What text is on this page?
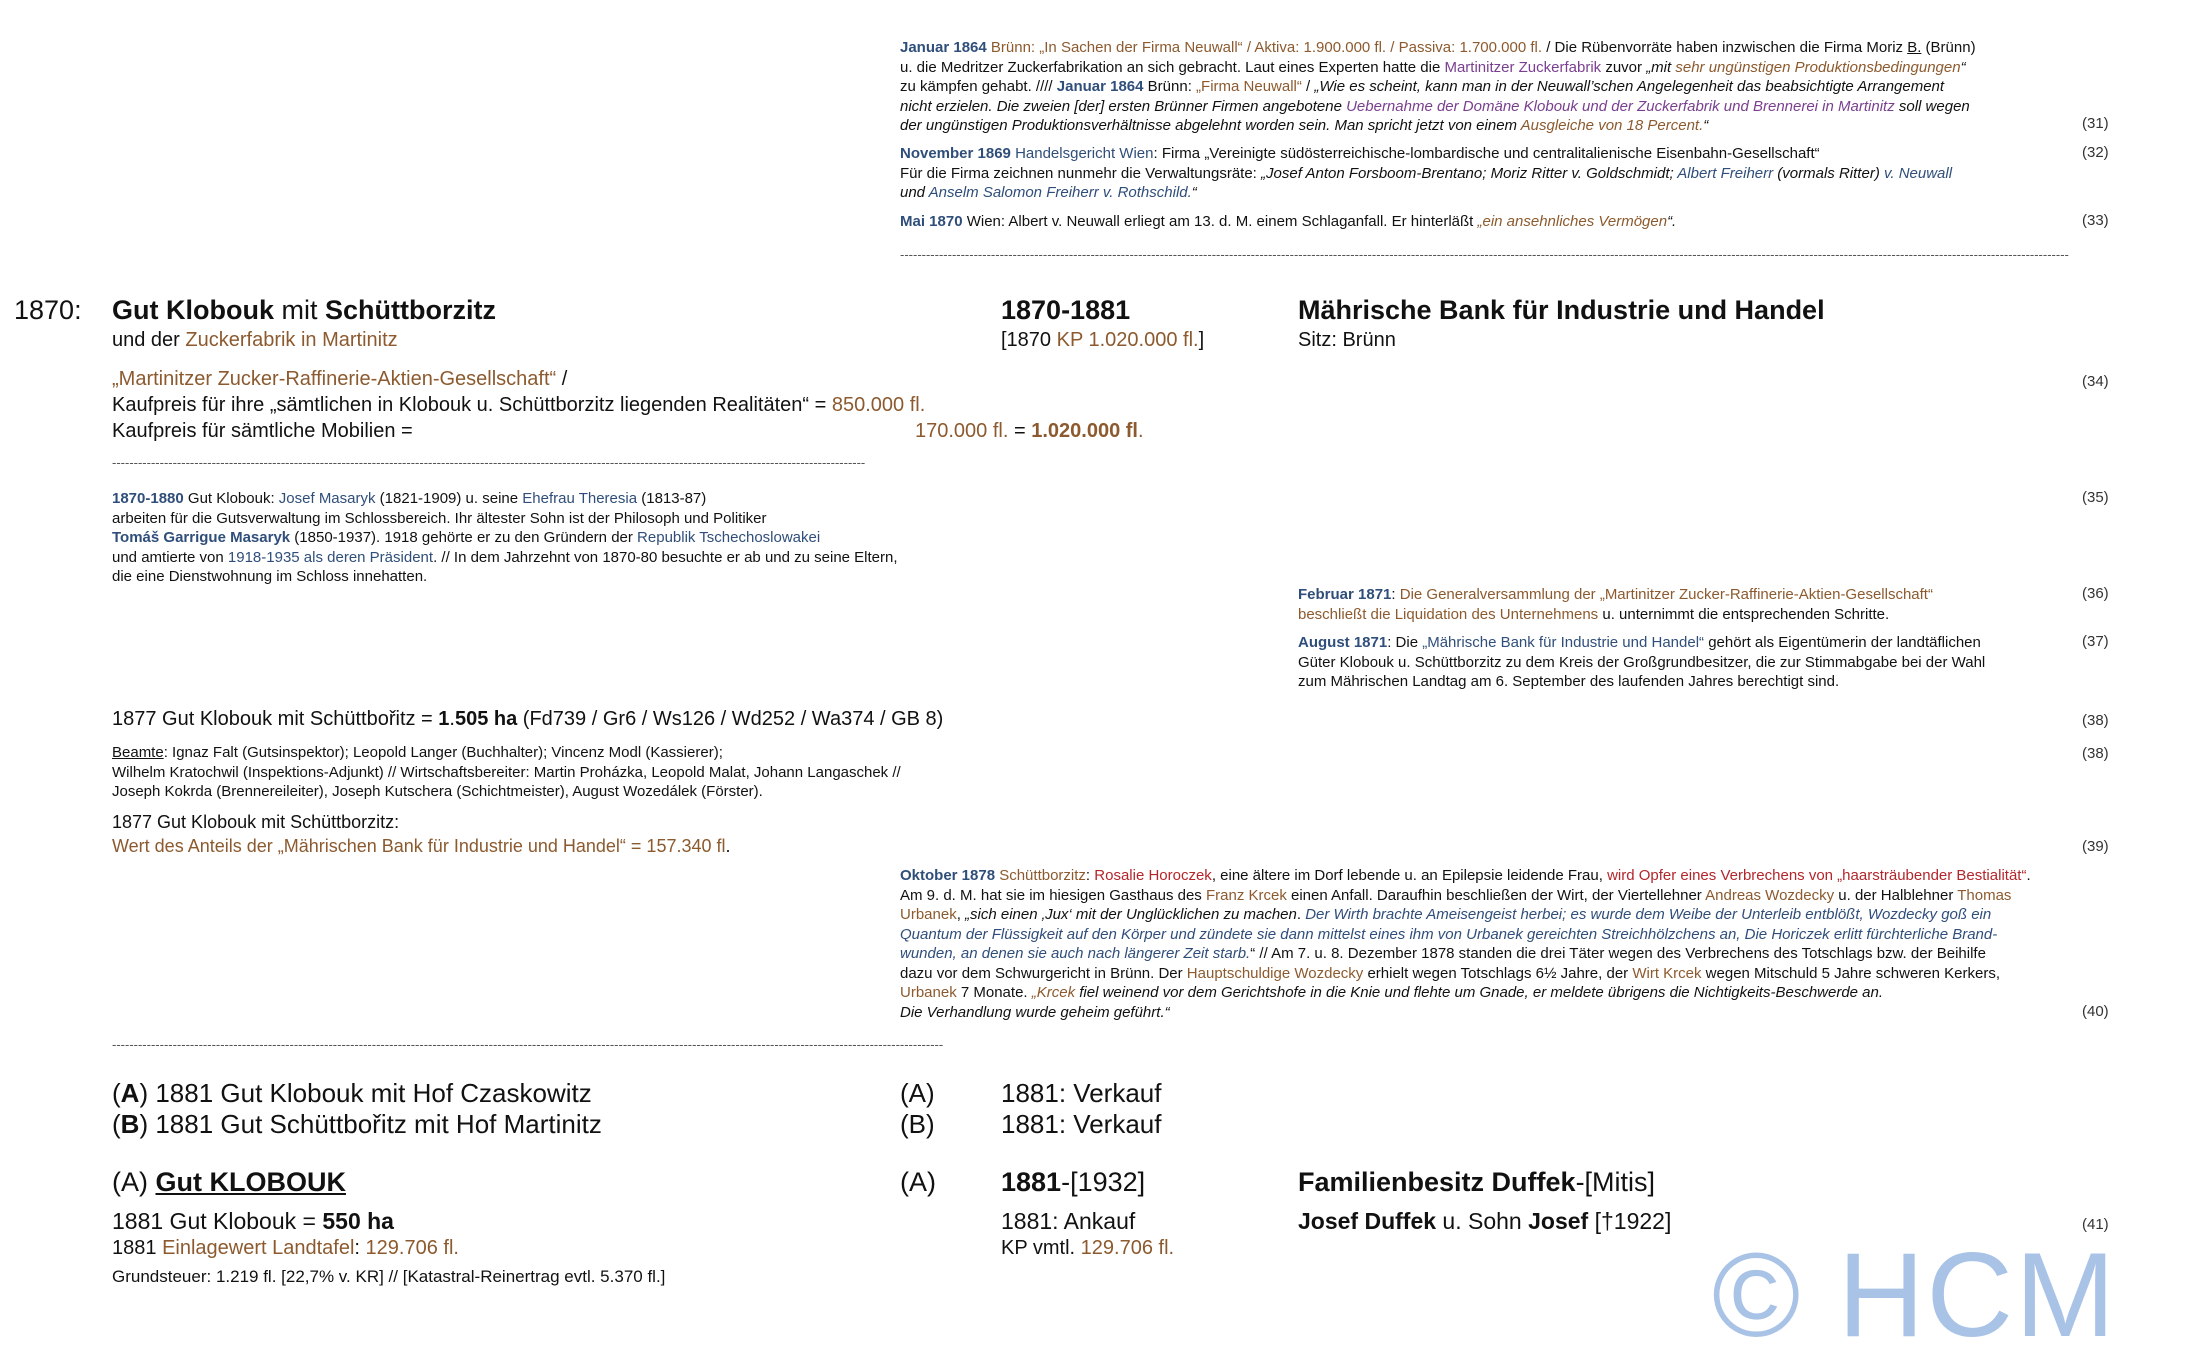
Januar 1864 Brünn: „In Sachen der Firma Neuwall“ / Aktiva: 1.900.000 fl. / Passiva: 1.700.000 fl. / Die Rübenvorräte haben inzwischen die Firma Moriz B. (Brünn)

u. die Medritzer Zuckerfabrikation an sich gebracht. Laut eines Experten hatte die Martinitzer Zuckerfabrik zuvor „mit sehr ungünstigen Produktionsbedingungen“

zu kämpfen gehabt. //// Januar 1864 Brünn: „Firma Neuwall“ / „Wie es scheint, kann man in der Neuwall’schen Angelegenheit das beabsichtigte Arrangement

nicht erzielen. Die zweien [der] ersten Brünner Firmen angebotene Uebernahme der Domäne Klobouk und der Zuckerfabrik und Brennerei in Martinitz soll wegen

der ungünstigen Produktionsverhältnisse abgelehnt worden sein. Man spricht jetzt von einem Ausgleiche von 18 Percent.“	(31)

November 1869 Handelsgericht Wien: Firma „Vereinigte südösterreichische-lombardische und centralitalienische Eisenbahn-Gesellschaft“

Für die Firma zeichnen nunmehr die Verwaltungsräte: „Josef Anton Forsboom-Brentano; Moriz Ritter v. Goldschmidt; Albert Freiherr (vormals Ritter) v. Neuwall

und Anselm Salomon Freiherr v. Rothschild.“

(32)

Mai 1870 Wien: Albert v. Neuwall erliegt am 13. d. M. einem Schlaganfall. Er hinterläßt „ein ansehnliches Vermögen“.	(33)
------------------------------------------------------------------------------------------------------------------------------------------------------------------------------------------------------------------------------------------------------------------------------
1870: Gut Klobouk mit Schüttborzitz
und der Zuckerfabrik in Martinitz
1870-1881
[1870 KP 1.020.000 fl.]
Mährische Bank für Industrie und Handel
Sitz: Brünn

„Martinitzer Zucker-Raffinerie-Aktien-Gesellschaft“ /

Kaufpreis für ihre „sämtlichen in Klobouk u. Schüttborzitz liegenden Realitäten“ = 850.000 fl.

Kaufpreis für sämtliche Mobilien =	170.000 fl. = 1.020.000 fl.
(34)
------------------------------------------------------------------------------------------------------------------------------------------------------------------------------

1870-1880 Gut Klobouk: Josef Masaryk (1821-1909) u. seine Ehefrau Theresia (1813-87)

arbeiten für die Gutsverwaltung im Schlossbereich. Ihr ältester Sohn ist der Philosoph und Politiker

Tomáš Garrigue Masaryk (1850-1937). 1918 gehörte er zu den Gründern der Republik Tschechoslowakei

und amtierte von 1918-1935 als deren Präsident. // In dem Jahrzehnt von 1870-80 besuchte er ab und zu seine Eltern,

die eine Dienstwohnung im Schloss innehatten.

(35)

Februar 1871: Die Generalversammlung der „Martinitzer Zucker-Raffinerie-Aktien-Gesellschaft“

beschließt die Liquidation des Unternehmens u. unternimmt die entsprechenden Schritte.

(36)

August 1871: Die „Mährische Bank für Industrie und Handel“ gehört als Eigentümerin der landtäflichen

Güter Klobouk u. Schüttborzitz zu dem Kreis der Großgrundbesitzer, die zur Stimmabgabe bei der Wahl

zum Mährischen Landtag am 6. September des laufenden Jahres berechtigt sind.

(37)
1877 Gut Klobouk mit Schüttbořitz = 1.505 ha (Fd739 / Gr6 / Ws126 / Wd252 / Wa374 / GB 8)	(38)

Beamte: Ignaz Falt (Gutsinspektor); Leopold Langer (Buchhalter); Vincenz Modl (Kassierer);

Wilhelm Kratochwil (Inspektions-Adjunkt) // Wirtschaftsbereiter: Martin Proházka, Leopold Malat, Johann Langaschek //

Joseph Kokrda (Brennereileiter), Joseph Kutschera (Schichtmeister), August Wozedálek (Förster).

(38)

1877 Gut Klobouk mit Schüttborzitz:

Wert des Anteils der „Mährischen Bank für Industrie und Handel“ = 157.340 fl.	(39)

Oktober 1878 Schüttborzitz: Rosalie Horoczek, eine ältere im Dorf lebende u. an Epilepsie leidende Frau, wird Opfer eines Verbrechens von „haarsträubender Bestialität“.

Am 9. d. M. hat sie im hiesigen Gasthaus des Franz Krcek einen Anfall. Daraufhin beschließen der Wirt, der Viertellehner Andreas Wozdecky u. der Halblehner Thomas

Urbanek, „sich einen ‚Jux‘ mit der Unglücklichen zu machen. Der Wirth brachte Ameisengeist herbei; es wurde dem Weibe der Unterleib entblößt, Wozdecky goß ein

Quantum der Flüssigkeit auf den Körper und zündete sie dann mittelst eines ihm von Urbanek gereichten Streichhölzchens an, Die Horiczek erlitt fürchterliche Brand-

wunden, an denen sie auch nach längerer Zeit starb.“ // Am 7. u. 8. Dezember 1878 standen die drei Täter wegen des Verbrechens des Totschlags bzw. der Beihilfe

dazu vor dem Schwurgericht in Brünn. Der Hauptschuldige Wozdecky erhielt wegen Totschlags 6½ Jahre, der Wirt Krcek wegen Mitschuld 5 Jahre schweren Kerkers,

Urbanek 7 Monate. „Krcek fiel weinend vor dem Gerichtshofe in die Knie und flehte um Gnade, er meldete übrigens die Nichtigkeits-Beschwerde an.

Die Verhandlung wurde geheim geführt.“	(40)
------------------------------------------------------------------------------------------------------------------------------------------------------------------------------------------------

(A) 1881 Gut Klobouk mit Hof Czaskowitz

(B) 1881 Gut Schüttbořitz mit Hof Martinitz

(A)

(B)

1881: Verkauf

1881: Verkauf

(A) Gut KLOBOUK	(A) 1881-[1932]	Familienbesitz Duffek-[Mitis]
1881 Gut Klobouk = 550 ha
1881 Einlagewert Landtafel: 129.706 fl.
Grundsteuer: 1.219 fl. [22,7% v. KR] // [Katastral-Reinertrag evtl. 5.370 fl.]
1881: Ankauf
KP vmtl. 129.706 fl.
Josef Duffek u. Sohn Josef [†1922]	(41)
© HCM
